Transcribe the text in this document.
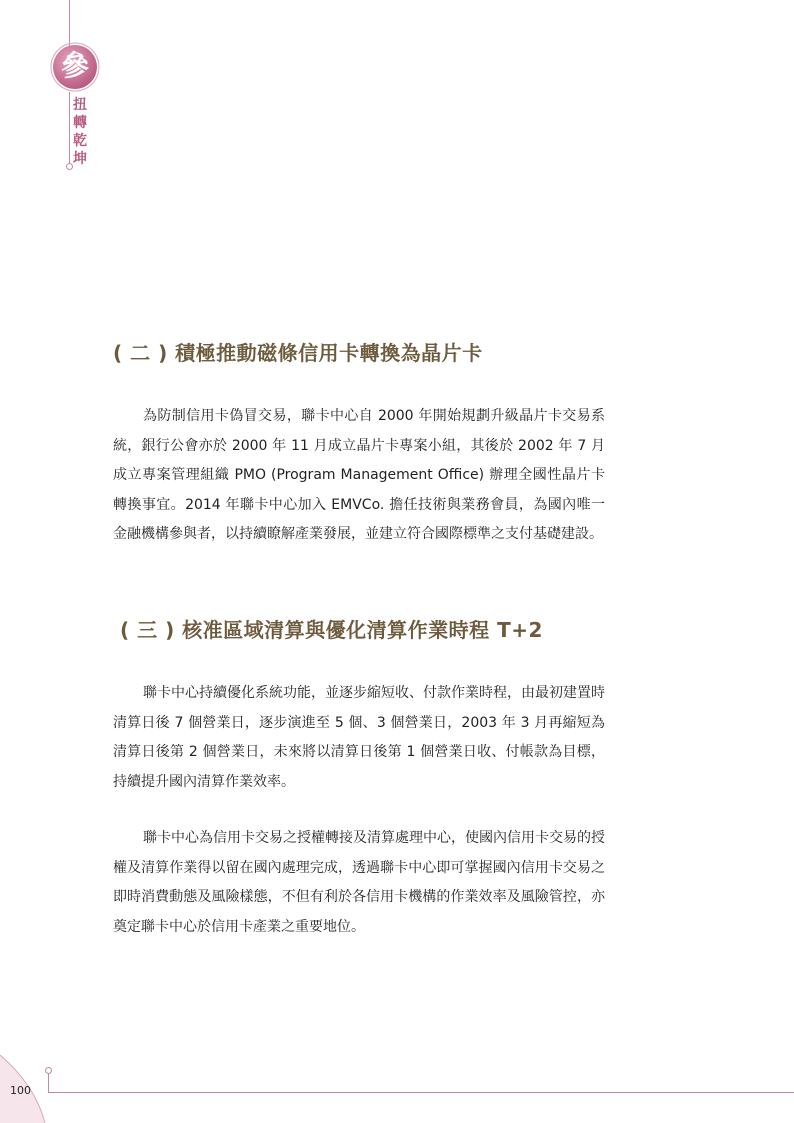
參
扭轉乾坤
( 二 ) 積極推動磁條信用卡轉換為晶片卡

為防制信用卡偽冒交易，聯卡中心自 2000 年開始規劃升級晶片卡交易系統，銀行公會亦於 2000 年 11 月成立晶片卡專案小組，其後於 2002 年 7 月成立專案管理組織 PMO (Program Management Office) 辦理全國性晶片卡轉換事宜。2014 年聯卡中心加入 EMVCo. 擔任技術與業務會員，為國內唯一金融機構參與者，以持續瞭解產業發展，並建立符合國際標準之支付基礎建設。

( 三 ) 核准區域清算與優化清算作業時程 T+2

聯卡中心持續優化系統功能，並逐步縮短收、付款作業時程，由最初建置時清算日後 7 個營業日，逐步演進至 5 個、3 個營業日，2003 年 3 月再縮短為清算日後第 2 個營業日，未來將以清算日後第 1 個營業日收、付帳款為目標，持續提升國內清算作業效率。

聯卡中心為信用卡交易之授權轉接及清算處理中心，使國內信用卡交易的授權及清算作業得以留在國內處理完成，透過聯卡中心即可掌握國內信用卡交易之即時消費動態及風險樣態，不但有利於各信用卡機構的作業效率及風險管控，亦奠定聯卡中心於信用卡產業之重要地位。

100
